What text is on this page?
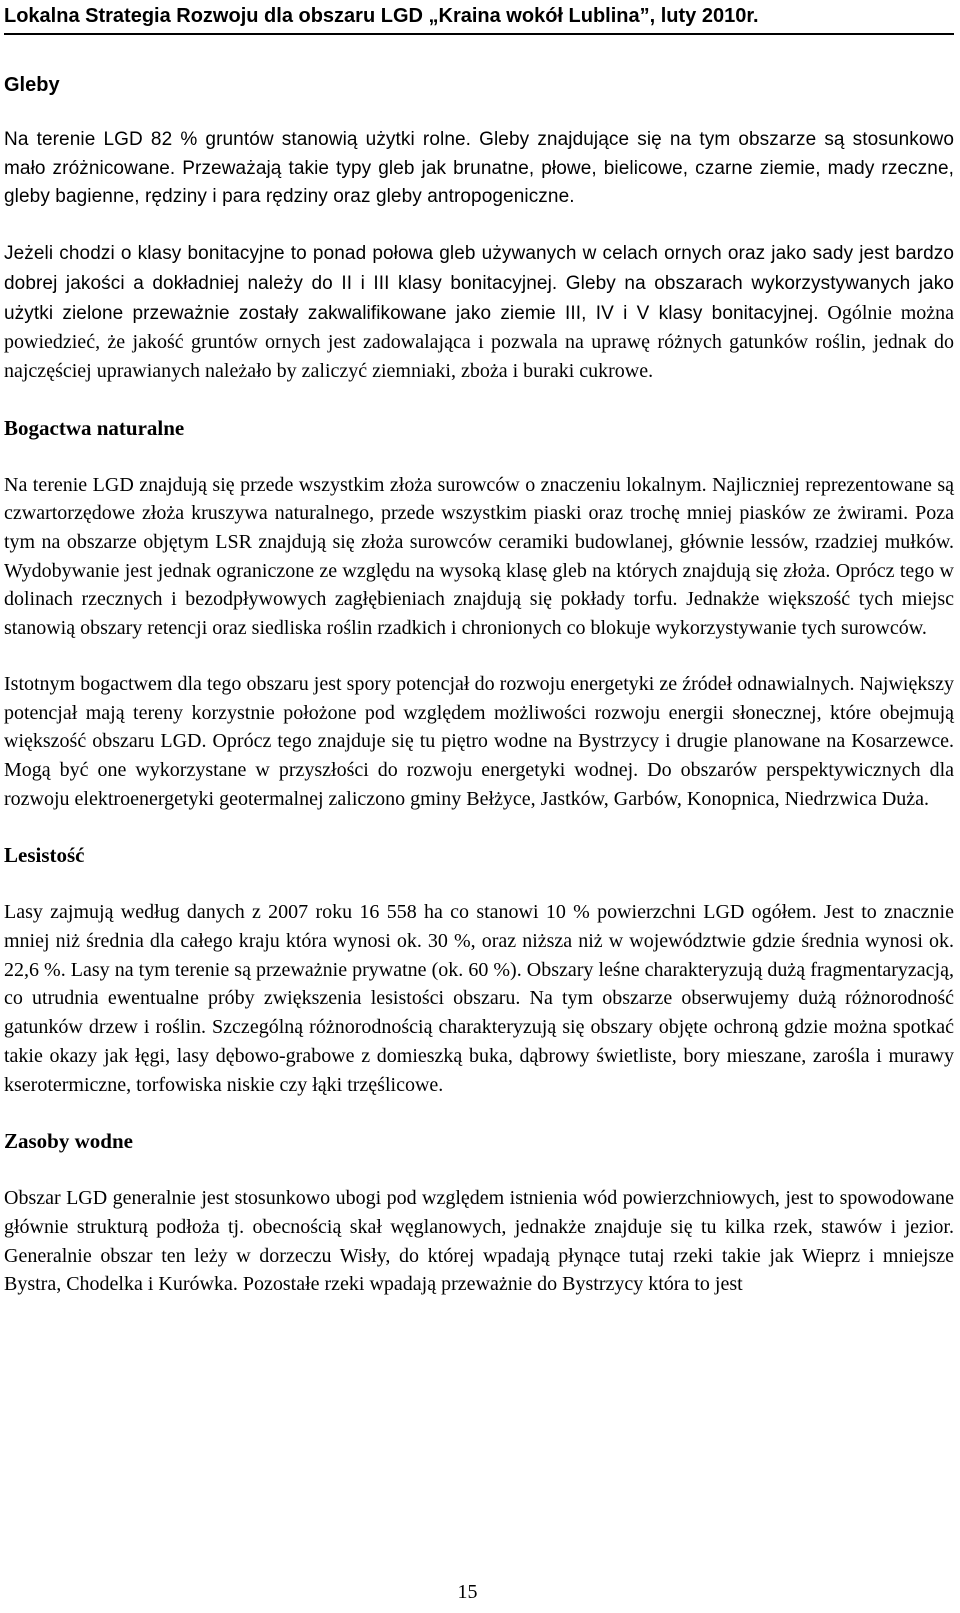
Lokalna Strategia Rozwoju dla obszaru LGD „Kraina wokół Lublina”, luty 2010r.
Gleby

Na terenie LGD 82 % gruntów stanowią użytki rolne. Gleby znajdujące się na tym obszarze są stosunkowo mało zróżnicowane. Przeważają takie typy gleb jak brunatne, płowe, bielicowe, czarne ziemie, mady rzeczne, gleby bagienne, rędziny i para rędziny oraz gleby antropogeniczne.

Jeżeli chodzi o klasy bonitacyjne to ponad połowa gleb używanych w celach ornych oraz jako sady jest bardzo dobrej jakości a dokładniej należy do II i III klasy bonitacyjnej. Gleby na obszarach wykorzystywanych jako użytki zielone przeważnie zostały zakwalifikowane jako ziemie III, IV i V klasy bonitacyjnej. Ogólnie można powiedzieć, że jakość gruntów ornych jest zadowalająca i pozwala na uprawę różnych gatunków roślin, jednak do najczęściej uprawianych należało by zaliczyć ziemniaki, zboża i buraki cukrowe.

Bogactwa naturalne

Na terenie LGD znajdują się przede wszystkim złoża surowców o znaczeniu lokalnym. Najliczniej reprezentowane są czwartorzędowe złoża kruszywa naturalnego, przede wszystkim piaski oraz trochę mniej piasków ze żwirami. Poza tym na obszarze objętym LSR znajdują się złoża surowców ceramiki budowlanej, głównie lessów, rzadziej mułków. Wydobywanie jest jednak ograniczone ze względu na wysoką klasę gleb na których znajdują się złoża. Oprócz tego w dolinach rzecznych i bezodpływowych zagłębieniach znajdują się pokłady torfu. Jednakże większość tych miejsc stanowią obszary retencji oraz siedliska roślin rzadkich i chronionych co blokuje wykorzystywanie tych surowców.

Istotnym bogactwem dla tego obszaru jest spory potencjał do rozwoju energetyki ze źródeł odnawialnych. Największy potencjał mają tereny korzystnie położone pod względem możliwości rozwoju energii słonecznej, które obejmują większość obszaru LGD. Oprócz tego znajduje się tu piętro wodne na Bystrzycy i drugie planowane na Kosarzewce. Mogą być one wykorzystane w przyszłości do rozwoju energetyki wodnej. Do obszarów perspektywicznych dla rozwoju elektroenergetyki geotermalnej zaliczono gminy Bełżyce, Jastków, Garbów, Konopnica, Niedrzwica Duża.

Lesistość

Lasy zajmują według danych z 2007 roku 16 558 ha co stanowi 10 % powierzchni LGD ogółem. Jest to znacznie mniej niż średnia dla całego kraju która wynosi ok. 30 %, oraz niższa niż w województwie gdzie średnia wynosi ok. 22,6 %. Lasy na tym terenie są przeważnie prywatne (ok. 60 %). Obszary leśne charakteryzują dużą fragmentaryzacją, co utrudnia ewentualne próby zwiększenia lesistości obszaru. Na tym obszarze obserwujemy dużą różnorodność gatunków drzew i roślin. Szczególną różnorodnością charakteryzują się obszary objęte ochroną gdzie można spotkać takie okazy jak łęgi, lasy dębowo-grabowe z domieszką buka, dąbrowy świetliste, bory mieszane, zarośla i murawy kserotermiczne, torfowiska niskie czy łąki trzęślicowe.

Zasoby wodne

Obszar LGD generalnie jest stosunkowo ubogi pod względem istnienia wód powierzchniowych, jest to spowodowane głównie strukturą podłoża tj. obecnością skał węglanowych, jednakże znajduje się tu kilka rzek, stawów i jezior. Generalnie obszar ten leży w dorzeczu Wisły, do której wpadają płynące tutaj rzeki takie jak Wieprz i mniejsze Bystra, Chodelka i Kurówka. Pozostałe rzeki wpadają przeważnie do Bystrzycy która to jest

15
